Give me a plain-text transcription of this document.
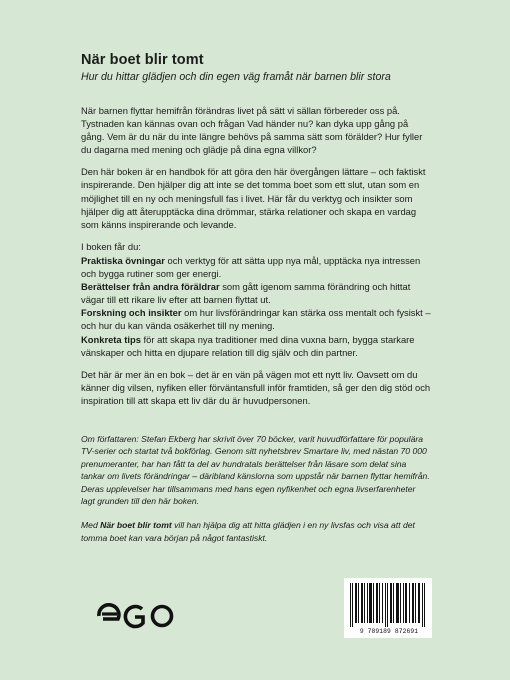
När boet blir tomt
Hur du hittar glädjen och din egen väg framåt när barnen blir stora

När barnen flyttar hemifrån förändras livet på sätt vi sällan förbereder oss på. Tystnaden kan kännas ovan och frågan Vad händer nu? kan dyka upp gång på gång. Vem är du när du inte längre behövs på samma sätt som förälder? Hur fyller du dagarna med mening och glädje på dina egna villkor?

Den här boken är en handbok för att göra den här övergången lättare – och faktiskt inspirerande. Den hjälper dig att inte se det tomma boet som ett slut, utan som en möjlighet till en ny och meningsfull fas i livet. Här får du verktyg och insikter som hjälper dig att återupptäcka dina drömmar, stärka relationer och skapa en vardag som känns inspirerande och levande.

I boken får du:

Praktiska övningar och verktyg för att sätta upp nya mål, upptäcka nya intressen och bygga rutiner som ger energi.

Berättelser från andra föräldrar som gått igenom samma förändring och hittat vägar till ett rikare liv efter att barnen flyttat ut.

Forskning och insikter om hur livsförändringar kan stärka oss mentalt och fysiskt – och hur du kan vända osäkerhet till ny mening.

Konkreta tips för att skapa nya traditioner med dina vuxna barn, bygga starkare vänskaper och hitta en djupare relation till dig själv och din partner.

Det här är mer än en bok – det är en vän på vägen mot ett nytt liv. Oavsett om du känner dig vilsen, nyfiken eller förväntansfull inför framtiden, så ger den dig stöd och inspiration till att skapa ett liv där du är huvudpersonen.

Om författaren: Stefan Ekberg har skrivit över 70 böcker, varit huvudförfattare för populära TV-serier och startat två bokförlag. Genom sitt nyhetsbrev Smartare liv, med nästan 70 000 prenumeranter, har han fått ta del av hundratals berättelser från läsare som delat sina tankar om livets förändringar – däribland känslorna som uppstår när barnen flyttar hemifrån. Deras upplevelser har tillsammans med hans egen nyfikenhet och egna livserfarenheter lagt grunden till den här boken.

Med När boet blir tomt vill han hjälpa dig att hitta glädjen i en ny livsfas och visa att det tomma boet kan vara början på något fantastiskt.

9 789189 872691
